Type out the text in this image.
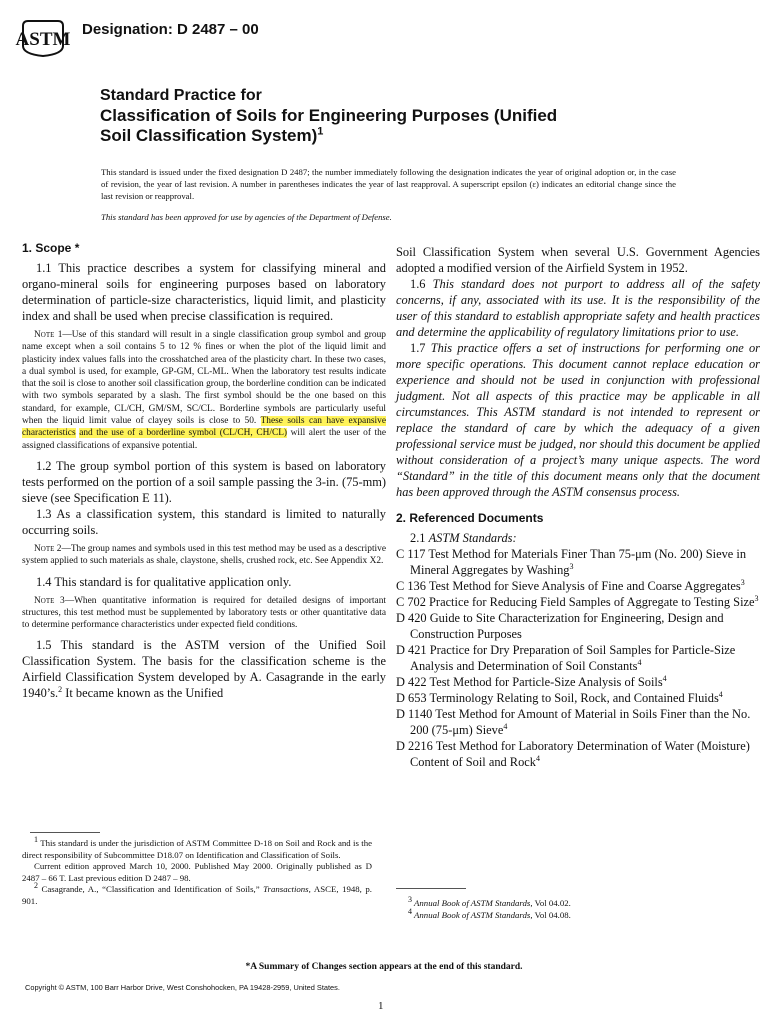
ASTM Designation: D 2487 – 00
Standard Practice for
Classification of Soils for Engineering Purposes (Unified
Soil Classification System)$^1$
This standard is issued under the fixed designation D 2487; the number immediately following the designation indicates the year of original adoption or, in the case of revision, the year of last revision. A number in parentheses indicates the year of last reapproval. A superscript epsilon (ε) indicates an editorial change since the last revision or reapproval.
This standard has been approved for use by agencies of the Department of Defense.
1. Scope *

1.1 This practice describes a system for classifying mineral and organo-mineral soils for engineering purposes based on laboratory determination of particle-size characteristics, liquid limit, and plasticity index and shall be used when precise classification is required.

Note 1—Use of this standard will result in a single classification group symbol and group name except when a soil contains 5 to 12 % fines or when the plot of the liquid limit and plasticity index values falls into the crosshatched area of the plasticity chart. In these two cases, a dual symbol is used, for example, GP-GM, CL-ML. When the laboratory test results indicate that the soil is close to another soil classification group, the borderline condition can be indicated with two symbols separated by a slash. The first symbol should be the one based on this standard, for example, CL/CH, GM/SM, SC/CL. Borderline symbols are particularly useful when the liquid limit value of clayey soils is close to 50. These soils can have expansive characteristics and the use of a borderline symbol (CL/CH, CH/CL) will alert the user of the assigned classifications of expansive potential.

1.2 The group symbol portion of this system is based on laboratory tests performed on the portion of a soil sample passing the 3-in. (75-mm) sieve (see Specification E 11).

1.3 As a classification system, this standard is limited to naturally occurring soils.

Note 2—The group names and symbols used in this test method may be used as a descriptive system applied to such materials as shale, claystone, shells, crushed rock, etc. See Appendix X2.

1.4 This standard is for qualitative application only.

Note 3—When quantitative information is required for detailed designs of important structures, this test method must be supplemented by laboratory tests or other quantitative data to determine performance characteristics under expected field conditions.

1.5 This standard is the ASTM version of the Unified Soil Classification System. The basis for the classification scheme is the Airfield Classification System developed by A. Casagrande in the early 1940’s.$^2$ It became known as the Unified

$^1$ This standard is under the jurisdiction of ASTM Committee D-18 on Soil and Rock and is the direct responsibility of Subcommittee D18.07 on Identification and Classification of Soils.

Current edition approved March 10, 2000. Published May 2000. Originally published as D 2487 – 66 T. Last previous edition D 2487 – 98.

$^2$ Casagrande, A., “Classification and Identification of Soils,” Transactions, ASCE, 1948, p. 901.

Soil Classification System when several U.S. Government Agencies adopted a modified version of the Airfield System in 1952.

1.6 This standard does not purport to address all of the safety concerns, if any, associated with its use. It is the responsibility of the user of this standard to establish appropriate safety and health practices and determine the applicability of regulatory limitations prior to use.

1.7 This practice offers a set of instructions for performing one or more specific operations. This document cannot replace education or experience and should not be used in conjunction with professional judgment. Not all aspects of this practice may be applicable in all circumstances. This ASTM standard is not intended to represent or replace the standard of care by which the adequacy of a given professional service must be judged, nor should this document be applied without consideration of a project’s many unique aspects. The word “Standard” in the title of this document means only that the document has been approved through the ASTM consensus process.

2. Referenced Documents

2.1 ASTM Standards:

C 117 Test Method for Materials Finer Than 75-μm (No. 200) Sieve in Mineral Aggregates by Washing$^3$

C 136 Test Method for Sieve Analysis of Fine and Coarse Aggregates$^3$

C 702 Practice for Reducing Field Samples of Aggregate to Testing Size$^3$

D 420 Guide to Site Characterization for Engineering, Design and Construction Purposes

D 421 Practice for Dry Preparation of Soil Samples for Particle-Size Analysis and Determination of Soil Constants$^4$

D 422 Test Method for Particle-Size Analysis of Soils$^4$

D 653 Terminology Relating to Soil, Rock, and Contained Fluids$^4$

D 1140 Test Method for Amount of Material in Soils Finer than the No. 200 (75-μm) Sieve$^4$

D 2216 Test Method for Laboratory Determination of Water (Moisture) Content of Soil and Rock$^4$

$^3$ Annual Book of ASTM Standards, Vol 04.02.

$^4$ Annual Book of ASTM Standards, Vol 04.08.

*A Summary of Changes section appears at the end of this standard.
Copyright © ASTM, 100 Barr Harbor Drive, West Conshohocken, PA 19428-2959, United States.
1
